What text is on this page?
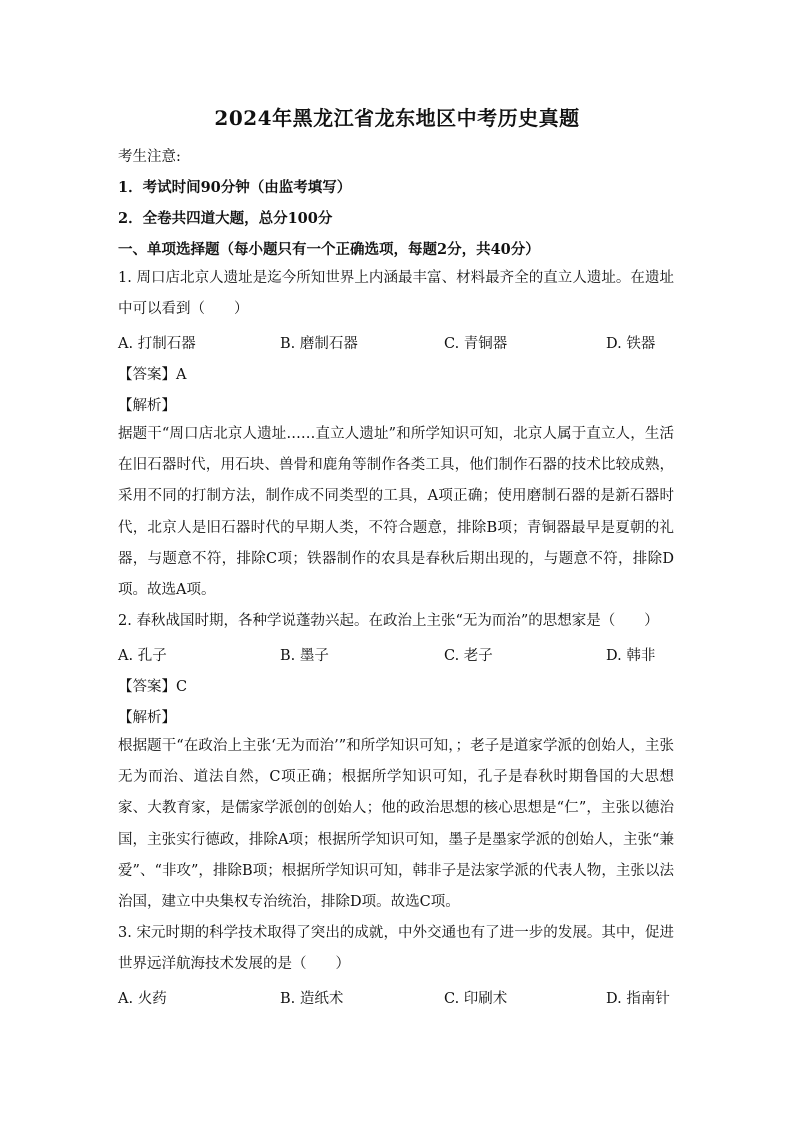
2024年黑龙江省龙东地区中考历史真题
考生注意:
1．考试时间90分钟（由监考填写）
2．全卷共四道大题，总分100分
一、单项选择题（每小题只有一个正确选项，每题2分，共40分）
1. 周口店北京人遗址是迄今所知世界上内涵最丰富、材料最齐全的直立人遗址。在遗址中可以看到（　　）
A. 打制石器	B. 磨制石器	C. 青铜器	D. 铁器
【答案】A
【解析】
据题干“周口店北京人遗址……直立人遗址”和所学知识可知，北京人属于直立人，生活在旧石器时代，用石块、兽骨和鹿角等制作各类工具，他们制作石器的技术比较成熟，采用不同的打制方法，制作成不同类型的工具，A项正确；使用磨制石器的是新石器时代，北京人是旧石器时代的早期人类，不符合题意，排除B项；青铜器最早是夏朝的礼器，与题意不符，排除C项；铁器制作的农具是春秋后期出现的，与题意不符，排除D项。故选A项。
2. 春秋战国时期，各种学说蓬勃兴起。在政治上主张“无为而治”的思想家是（　　）
A. 孔子	B. 墨子	C. 老子	D. 韩非
【答案】C
【解析】
根据题干“在政治上主张‘无为而治’”和所学知识可知，；老子是道家学派的创始人，主张无为而治、道法自然，C项正确；根据所学知识可知，孔子是春秋时期鲁国的大思想家、大教育家，是儒家学派创的创始人；他的政治思想的核心思想是“仁”，主张以德治国，主张实行德政，排除A项；根据所学知识可知，墨子是墨家学派的创始人，主张“兼爱”、“非攻”，排除B项；根据所学知识可知，韩非子是法家学派的代表人物，主张以法治国，建立中央集权专治统治，排除D项。故选C项。
3. 宋元时期的科学技术取得了突出的成就，中外交通也有了进一步的发展。其中，促进世界远洋航海技术发展的是（　　）
A. 火药	B. 造纸术	C. 印刷术	D. 指南针
